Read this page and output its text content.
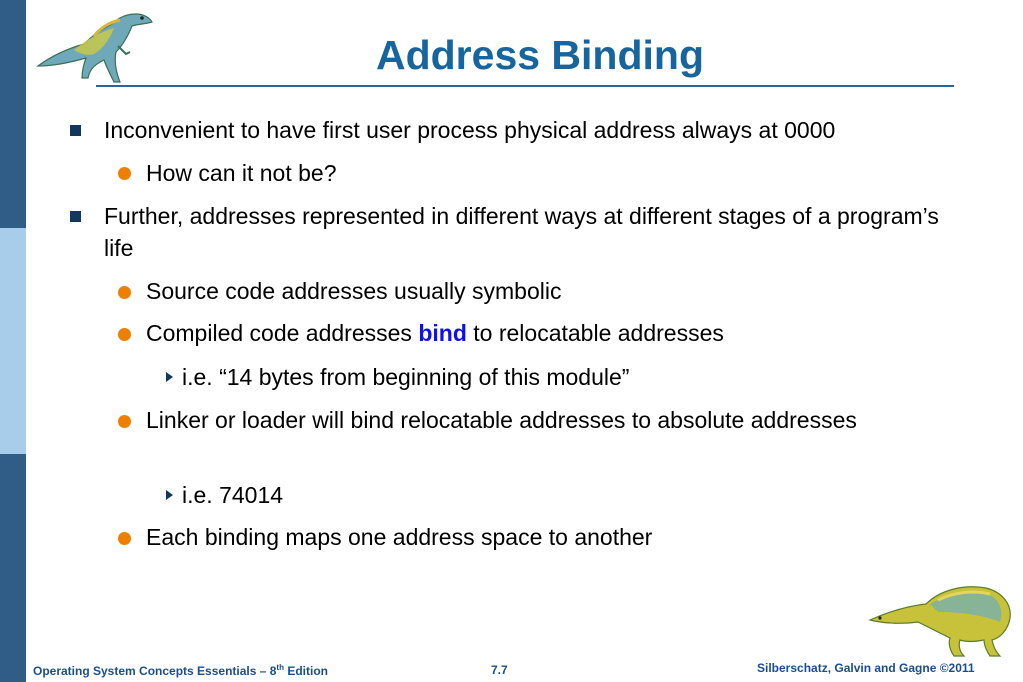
Address Binding
Inconvenient to have first user process physical address always at 0000
How can it not be?
Further, addresses represented in different ways at different stages of a program’s life
Source code addresses usually symbolic
Compiled code addresses bind to relocatable addresses
i.e. “14 bytes from beginning of this module”
Linker or loader will bind relocatable addresses to absolute addresses
i.e. 74014
Each binding maps one address space to another
Operating System Concepts Essentials – 8th Edition	7.7	Silberschatz, Galvin and Gagne ©2011
